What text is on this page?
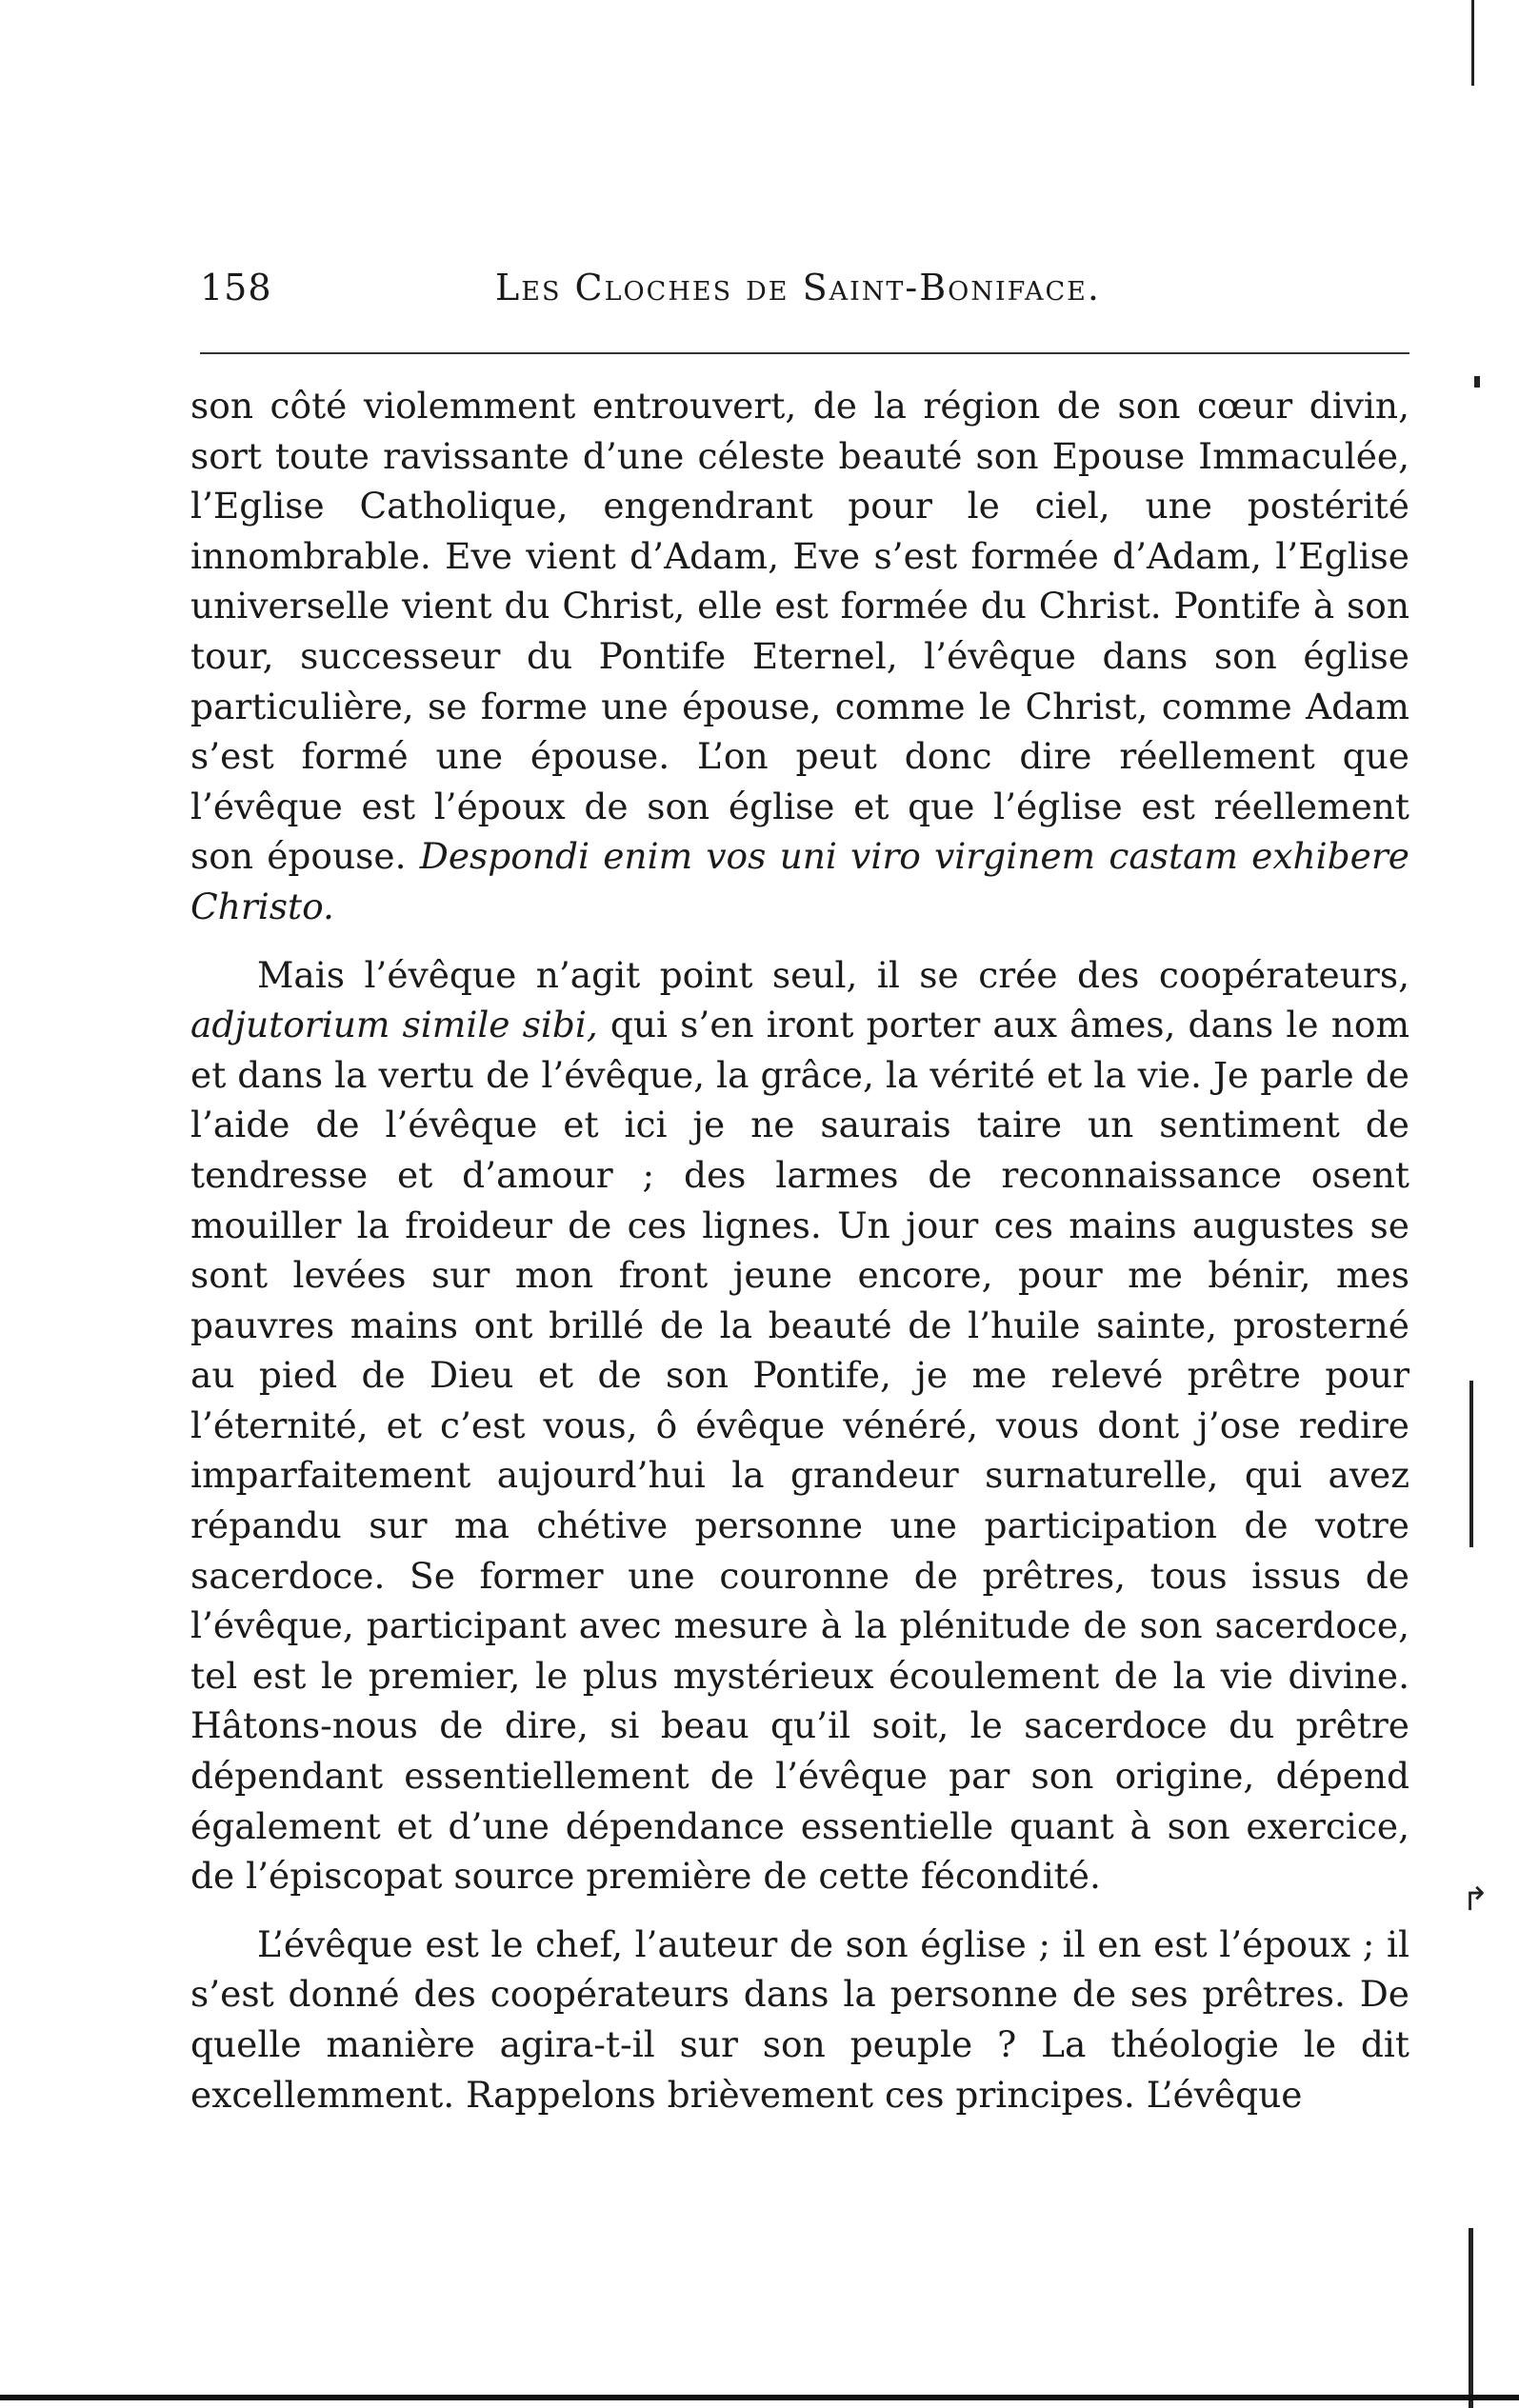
158	Les Cloches de Saint-Boniface.

son côté violemment entrouvert, de la région de son cœur divin, sort toute ravissante d’une céleste beauté son Epouse Immaculée, l’Eglise Catholique, engendrant pour le ciel, une postérité innombrable. Eve vient d’Adam, Eve s’est formée d’Adam, l’Eglise universelle vient du Christ, elle est formée du Christ. Pontife à son tour, successeur du Pontife Eternel, l’évêque dans son église particulière, se forme une épouse, comme le Christ, comme Adam s’est formé une épouse. L’on peut donc dire réellement que l’évêque est l’époux de son église et que l’église est réellement son épouse. Despondi enim vos uni viro virginem castam exhibere Christo.

Mais l’évêque n’agit point seul, il se crée des coopérateurs, adjutorium simile sibi, qui s’en iront porter aux âmes, dans le nom et dans la vertu de l’évêque, la grâce, la vérité et la vie. Je parle de l’aide de l’évêque et ici je ne saurais taire un sentiment de tendresse et d’amour ; des larmes de reconnaissance osent mouiller la froideur de ces lignes. Un jour ces mains augustes se sont levées sur mon front jeune encore, pour me bénir, mes pauvres mains ont brillé de la beauté de l’huile sainte, prosterné au pied de Dieu et de son Pontife, je me relevé prêtre pour l’éternité, et c’est vous, ô évêque vénéré, vous dont j’ose redire imparfaitement aujourd’hui la grandeur surnaturelle, qui avez répandu sur ma chétive personne une participation de votre sacerdoce. Se former une couronne de prêtres, tous issus de l’évêque, participant avec mesure à la plénitude de son sacerdoce, tel est le premier, le plus mystérieux écoulement de la vie divine. Hâtons-nous de dire, si beau qu’il soit, le sacerdoce du prêtre dépendant essentiellement de l’évêque par son origine, dépend également et d’une dépendance essentielle quant à son exercice, de l’épiscopat source première de cette fécondité.

L’évêque est le chef, l’auteur de son église ; il en est l’époux ; il s’est donné des coopérateurs dans la personne de ses prêtres. De quelle manière agira-t-il sur son peuple ? La théologie le dit excellemment. Rappelons brièvement ces principes. L’évêque

↱
